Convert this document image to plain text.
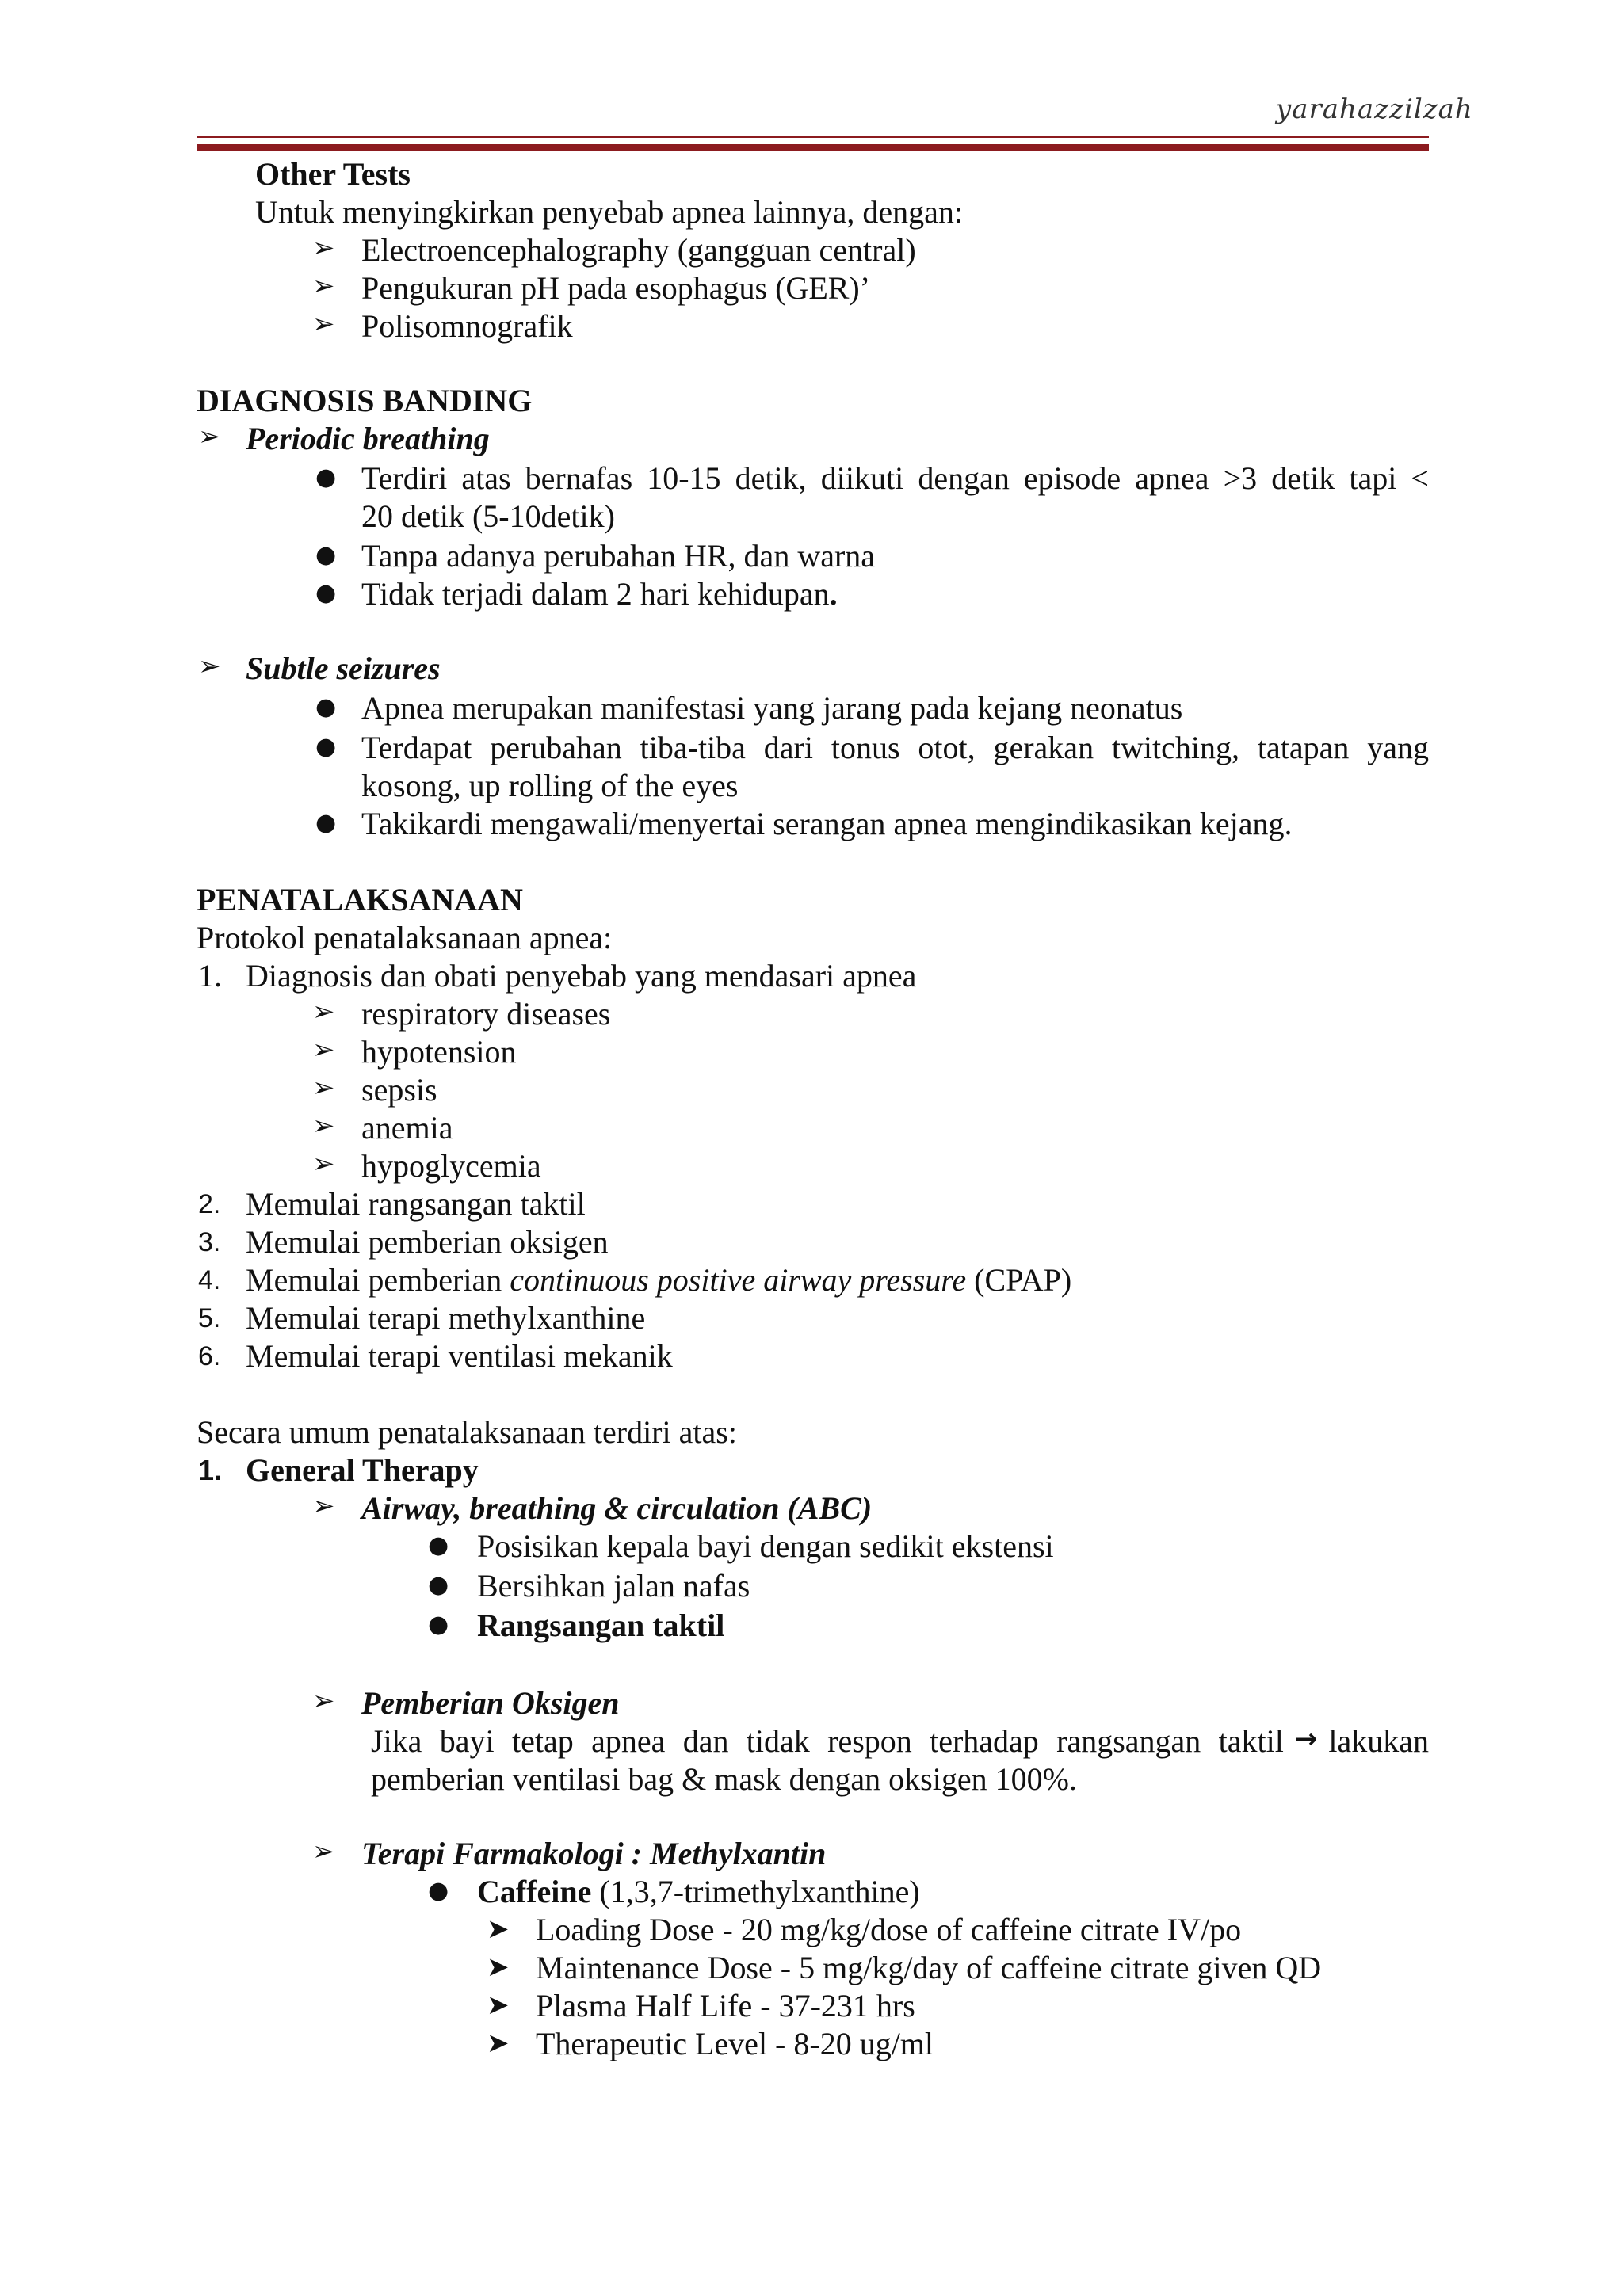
yarahazzilzah
Other Tests
Untuk menyingkirkan penyebab apnea lainnya, dengan:
➢ Electroencephalography (gangguan central)
➢ Pengukuran pH pada esophagus (GER)’
➢ Polisomnografik
DIAGNOSIS BANDING
➢ Periodic breathing
● Terdiri atas bernafas 10-15 detik, diikuti dengan episode apnea >3 detik tapi <
20 detik (5-10detik)
● Tanpa adanya perubahan HR, dan warna
● Tidak terjadi dalam 2 hari kehidupan.
➢ Subtle seizures
● Apnea merupakan manifestasi yang jarang pada kejang neonatus
● Terdapat perubahan tiba-tiba dari tonus otot, gerakan twitching, tatapan yang
kosong, up rolling of the eyes
● Takikardi mengawali/menyertai serangan apnea mengindikasikan kejang.
PENATALAKSANAAN
Protokol penatalaksanaan apnea:
1. Diagnosis dan obati penyebab yang mendasari apnea
➢ respiratory diseases
➢ hypotension
➢ sepsis
➢ anemia
➢ hypoglycemia
2. Memulai rangsangan taktil
3. Memulai pemberian oksigen
4. Memulai pemberian continuous positive airway pressure (CPAP)
5. Memulai terapi methylxanthine
6. Memulai terapi ventilasi mekanik
Secara umum penatalaksanaan terdiri atas:
1. General Therapy
➢ Airway, breathing & circulation (ABC)
● Posisikan kepala bayi dengan sedikit ekstensi
● Bersihkan jalan nafas
● Rangsangan taktil
➢ Pemberian Oksigen
Jika bayi tetap apnea dan tidak respon terhadap rangsangan taktil → lakukan
pemberian ventilasi bag & mask dengan oksigen 100%.
➢ Terapi Farmakologi : Methylxantin
● Caffeine (1,3,7-trimethylxanthine)
➤ Loading Dose - 20 mg/kg/dose of caffeine citrate IV/po
➤ Maintenance Dose - 5 mg/kg/day of caffeine citrate given QD
➤ Plasma Half Life - 37-231 hrs
➤ Therapeutic Level - 8-20 ug/ml
